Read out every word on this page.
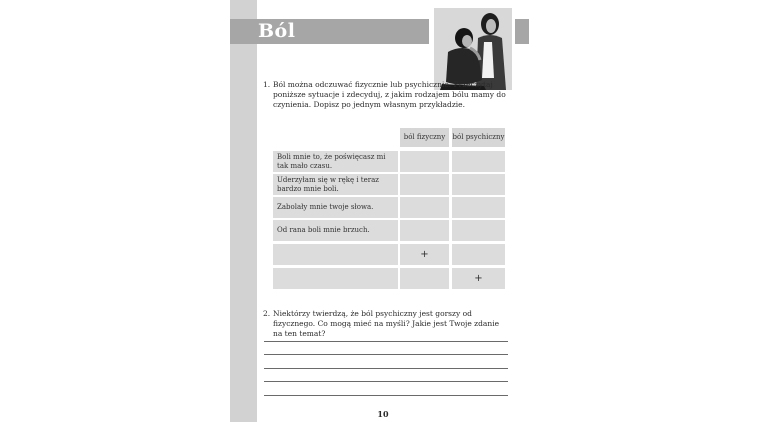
Ból
1. Ból można odczuwać fizycznie lub psychicznie. Przeczytaj poniższe sytuacje i zdecyduj, z jakim rodzajem bólu mamy do czynienia. Dopisz po jednym własnym przykładzie.
ból fizyczny	ból psychiczny
Boli mnie to, że poświęcasz mi tak mało czasu.
Uderzyłam się w rękę i teraz bardzo mnie boli.
Zabolały mnie twoje słowa.
Od rana boli mnie brzuch.
+
+
2. Niektórzy twierdzą, że ból psychiczny jest gorszy od fizycznego. Co mogą mieć na myśli? Jakie jest Twoje zdanie na ten temat?
10
